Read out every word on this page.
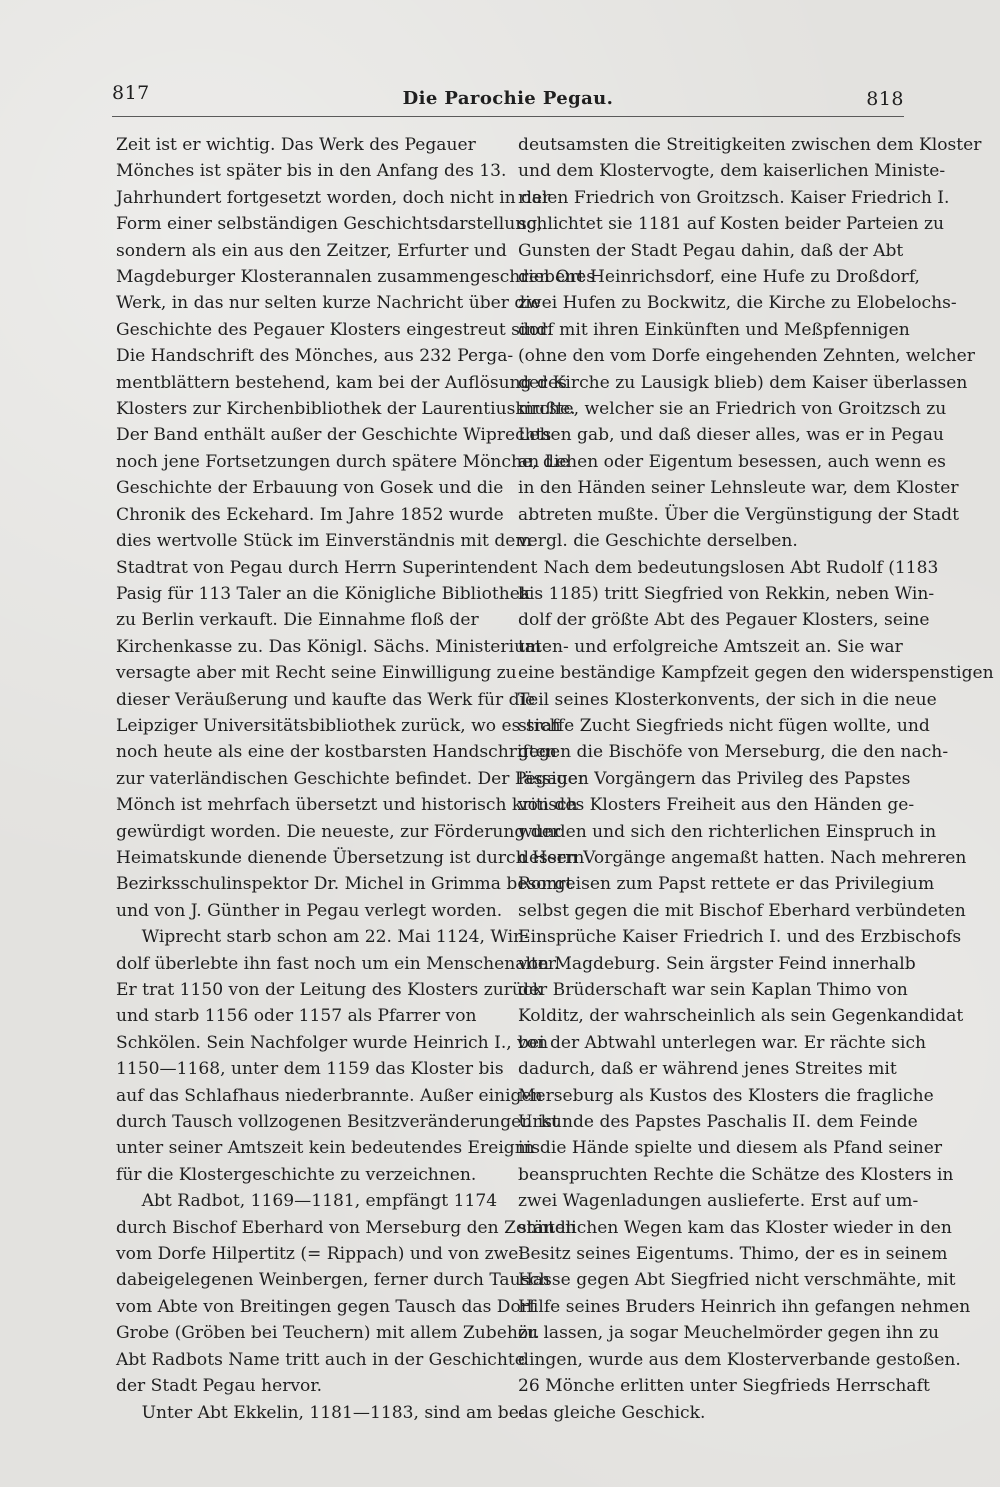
817	Die Parochie Pegau.	818
Zeit ist er wichtig. Das Werk des Pegauer
Mönches ist später bis in den Anfang des 13.
Jahrhundert fortgesetzt worden, doch nicht in der
Form einer selbständigen Geschichtsdarstellung,
sondern als ein aus den Zeitzer, Erfurter und
Magdeburger Klosterannalen zusammengeschriebenes
Werk, in das nur selten kurze Nachricht über die
Geschichte des Pegauer Klosters eingestreut sind.
Die Handschrift des Mönches, aus 232 Perga-
mentblättern bestehend, kam bei der Auflösung des
Klosters zur Kirchenbibliothek der Laurentiuskirche.
Der Band enthält außer der Geschichte Wiprechts
noch jene Fortsetzungen durch spätere Mönche, die
Geschichte der Erbauung von Gosek und die
Chronik des Eckehard. Im Jahre 1852 wurde
dies wertvolle Stück im Einverständnis mit dem
Stadtrat von Pegau durch Herrn Superintendent
Pasig für 113 Taler an die Königliche Bibliothek
zu Berlin verkauft. Die Einnahme floß der
Kirchenkasse zu. Das Königl. Sächs. Ministerium
versagte aber mit Recht seine Einwilligung zu
dieser Veräußerung und kaufte das Werk für die
Leipziger Universitätsbibliothek zurück, wo es sich
noch heute als eine der kostbarsten Handschriften
zur vaterländischen Geschichte befindet. Der Pegauer
Mönch ist mehrfach übersetzt und historisch kritisch
gewürdigt worden. Die neueste, zur Förderung der
Heimatskunde dienende Übersetzung ist durch Herrn
Bezirksschulinspektor Dr. Michel in Grimma besorgt
und von J. Günther in Pegau verlegt worden.
Wiprecht starb schon am 22. Mai 1124, Win-
dolf überlebte ihn fast noch um ein Menschenalter.
Er trat 1150 von der Leitung des Klosters zurück
und starb 1156 oder 1157 als Pfarrer von
Schkölen. Sein Nachfolger wurde Heinrich I., von
1150—1168, unter dem 1159 das Kloster bis
auf das Schlafhaus niederbrannte. Außer einigen
durch Tausch vollzogenen Besitzveränderungen ist
unter seiner Amtszeit kein bedeutendes Ereignis
für die Klostergeschichte zu verzeichnen.
Abt Radbot, 1169—1181, empfängt 1174
durch Bischof Eberhard von Merseburg den Zehnten
vom Dorfe Hilpertitz (= Rippach) und von zwei
dabeigelegenen Weinbergen, ferner durch Tausch
vom Abte von Breitingen gegen Tausch das Dorf
Grobe (Gröben bei Teuchern) mit allem Zubehör.
Abt Radbots Name tritt auch in der Geschichte
der Stadt Pegau hervor.
Unter Abt Ekkelin, 1181—1183, sind am be-
deutsamsten die Streitigkeiten zwischen dem Kloster
und dem Klostervogte, dem kaiserlichen Ministe-
rialen Friedrich von Groitzsch. Kaiser Friedrich I.
schlichtet sie 1181 auf Kosten beider Parteien zu
Gunsten der Stadt Pegau dahin, daß der Abt
den Ort Heinrichsdorf, eine Hufe zu Droßdorf,
zwei Hufen zu Bockwitz, die Kirche zu Elobelochs-
dorf mit ihren Einkünften und Meßpfennigen
(ohne den vom Dorfe eingehenden Zehnten, welcher
der Kirche zu Lausigk blieb) dem Kaiser überlassen
mußte, welcher sie an Friedrich von Groitzsch zu
Lehen gab, und daß dieser alles, was er in Pegau
an Lehen oder Eigentum besessen, auch wenn es
in den Händen seiner Lehnsleute war, dem Kloster
abtreten mußte. Über die Vergünstigung der Stadt
vergl. die Geschichte derselben.
Nach dem bedeutungslosen Abt Rudolf (1183
bis 1185) tritt Siegfried von Rekkin, neben Win-
dolf der größte Abt des Pegauer Klosters, seine
taten- und erfolgreiche Amtszeit an. Sie war
eine beständige Kampfzeit gegen den widerspenstigen
Teil seines Klosterkonvents, der sich in die neue
straffe Zucht Siegfrieds nicht fügen wollte, und
gegen die Bischöfe von Merseburg, die den nach-
lässigen Vorgängern das Privileg des Papstes
von des Klosters Freiheit aus den Händen ge-
wunden und sich den richterlichen Einspruch in
dessen Vorgänge angemaßt hatten. Nach mehreren
Romreisen zum Papst rettete er das Privilegium
selbst gegen die mit Bischof Eberhard verbündeten
Einsprüche Kaiser Friedrich I. und des Erzbischofs
von Magdeburg. Sein ärgster Feind innerhalb
der Brüderschaft war sein Kaplan Thimo von
Kolditz, der wahrscheinlich als sein Gegenkandidat
bei der Abtwahl unterlegen war. Er rächte sich
dadurch, daß er während jenes Streites mit
Merseburg als Kustos des Klosters die fragliche
Urkunde des Papstes Paschalis II. dem Feinde
in die Hände spielte und diesem als Pfand seiner
beanspruchten Rechte die Schätze des Klosters in
zwei Wagenladungen auslieferte. Erst auf um-
ständlichen Wegen kam das Kloster wieder in den
Besitz seines Eigentums. Thimo, der es in seinem
Hasse gegen Abt Siegfried nicht verschmähte, mit
Hilfe seines Bruders Heinrich ihn gefangen nehmen
zu lassen, ja sogar Meuchelmörder gegen ihn zu
dingen, wurde aus dem Klosterverbande gestoßen.
26 Mönche erlitten unter Siegfrieds Herrschaft
das gleiche Geschick.
